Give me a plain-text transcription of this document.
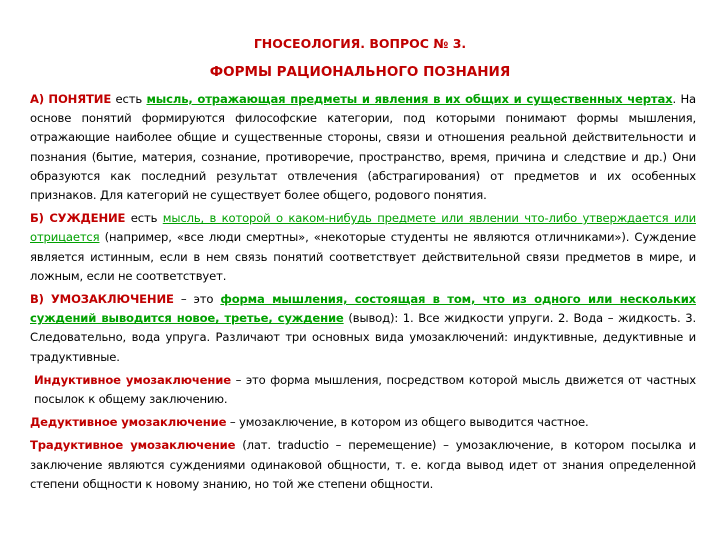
ГНОСЕОЛОГИЯ. ВОПРОС № 3.
ФОРМЫ РАЦИОНАЛЬНОГО ПОЗНАНИЯ

А) ПОНЯТИЕ есть мысль, отражающая предметы и явления в их общих и существенных чертах. На основе понятий формируются философские категории, под которыми понимают формы мышления, отражающие наиболее общие и существенные стороны, связи и отношения реальной действительности и познания (бытие, материя, сознание, противоречие, пространство, время, причина и следствие и др.) Они образуются как последний результат отвлечения (абстрагирования) от предметов и их особенных признаков. Для категорий не существует более общего, родового понятия.

Б) СУЖДЕНИЕ есть мысль, в которой о каком-нибудь предмете или явлении что-либо утверждается или отрицается (например, «все люди смертны», «некоторые студенты не являются отличниками»). Суждение является истинным, если в нем связь понятий соответствует действительной связи предметов в мире, и ложным, если не соответствует.

В) УМОЗАКЛЮЧЕНИЕ – это форма мышления, состоящая в том, что из одного или нескольких суждений выводится новое, третье, суждение (вывод): 1. Все жидкости упруги. 2. Вода – жидкость. 3. Следовательно, вода упруга. Различают три основных вида умозаключений: индуктивные, дедуктивные и традуктивные.

Индуктивное умозаключение – это форма мышления, посредством которой мысль движется от частных посылок к общему заключению.

Дедуктивное умозаключение – умозаключение, в котором из общего выводится частное.

Традуктивное умозаключение (лат. traductio – перемещение) – умозаключение, в котором посылка и заключение являются суждениями одинаковой общности, т. е. когда вывод идет от знания определенной степени общности к новому знанию, но той же степени общности.
